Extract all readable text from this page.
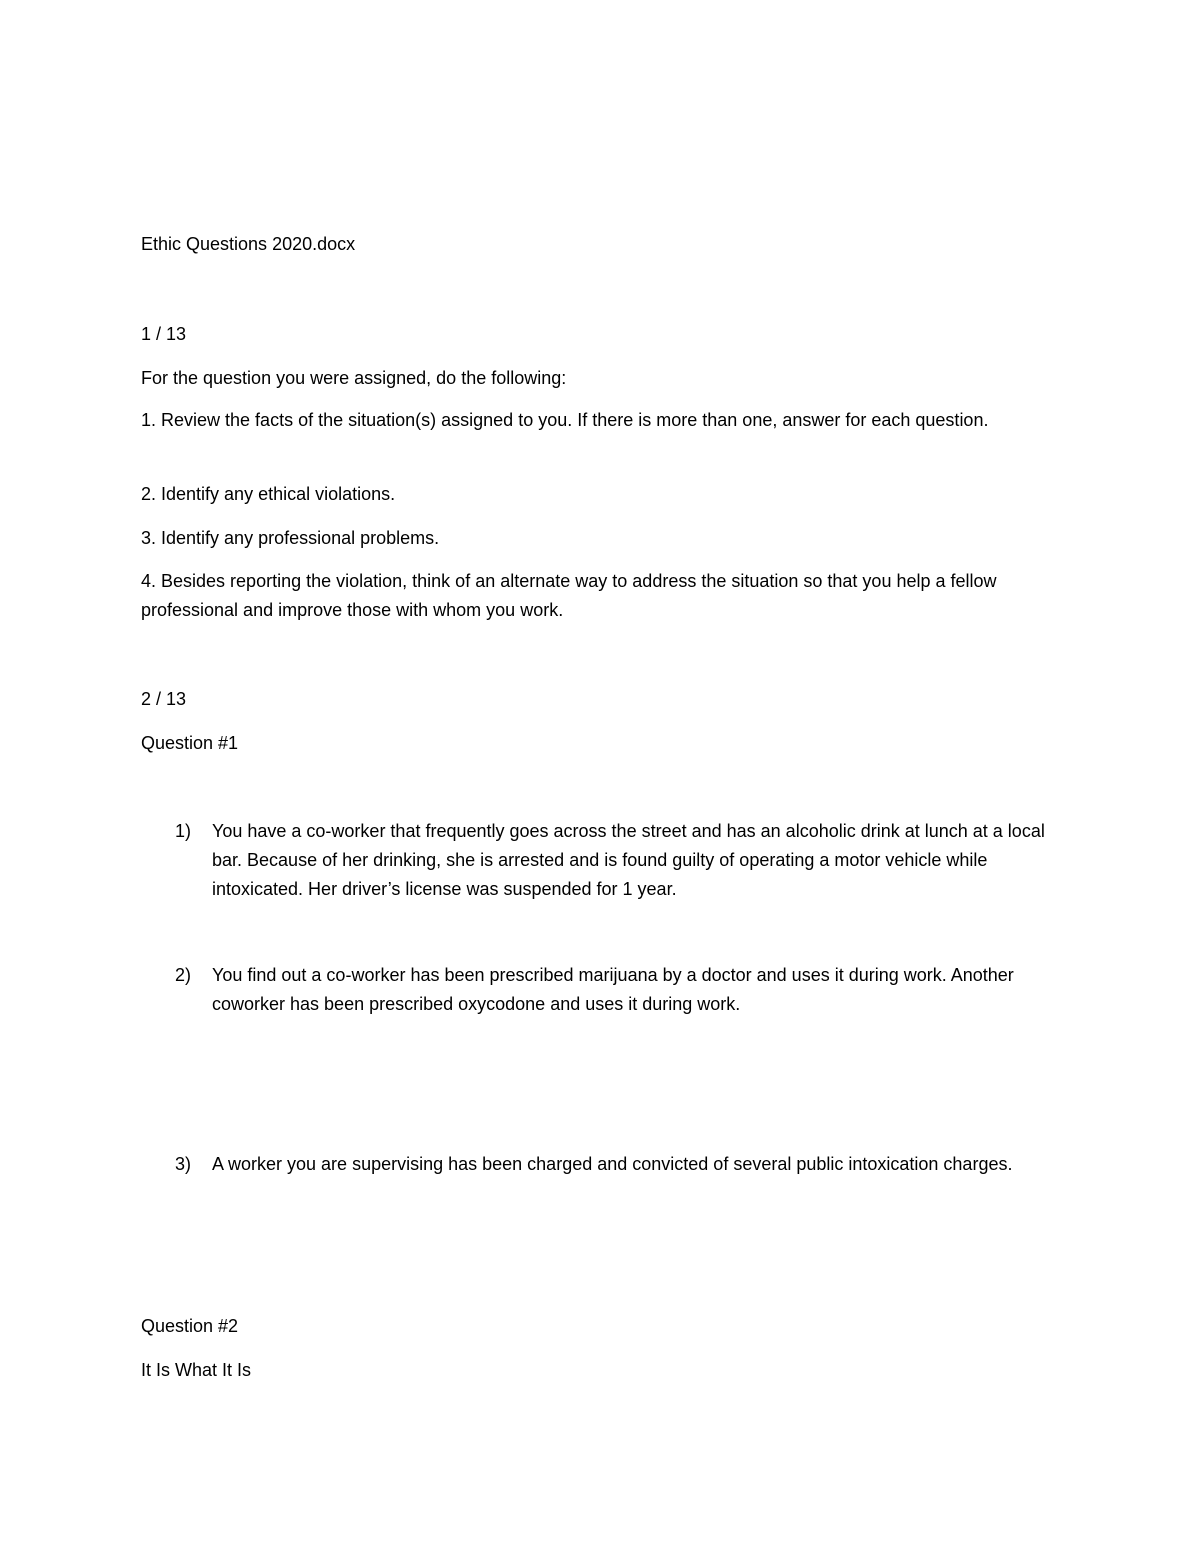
Ethic Questions 2020.docx
1 / 13
For the question you were assigned, do the following:
1. Review the facts of the situation(s) assigned to you. If there is more than one, answer for each question.
2. Identify any ethical violations.
3. Identify any professional problems.
4. Besides reporting the violation, think of an alternate way to address the situation so that you help a fellow professional and improve those with whom you work.
2 / 13
Question #1
1) You have a co-worker that frequently goes across the street and has an alcoholic drink at lunch at a local bar. Because of her drinking, she is arrested and is found guilty of operating a motor vehicle while intoxicated. Her driver’s license was suspended for 1 year.
2) You find out a co-worker has been prescribed marijuana by a doctor and uses it during work. Another coworker has been prescribed oxycodone and uses it during work.
3) A worker you are supervising has been charged and convicted of several public intoxication charges.
Question #2
It Is What It Is
